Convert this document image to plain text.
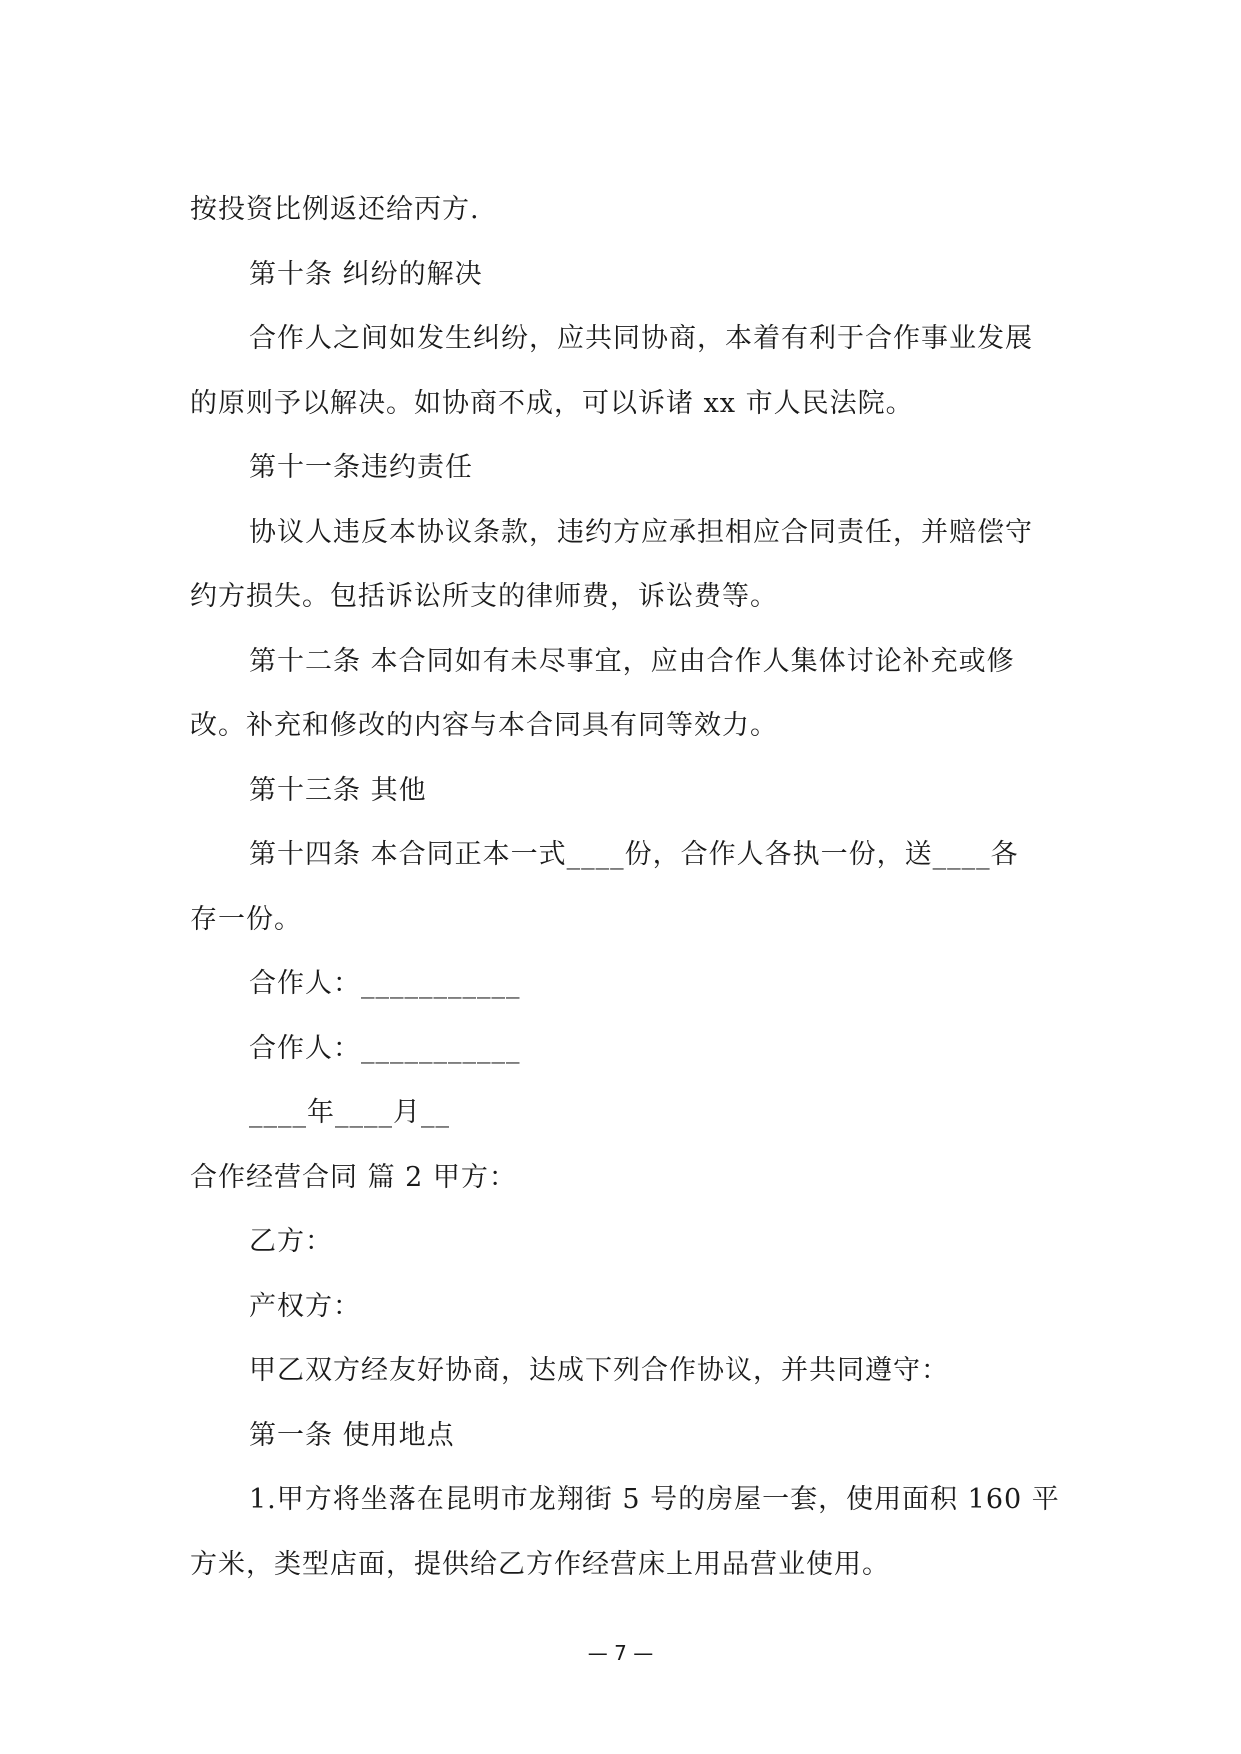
按投资比例返还给丙方.

第十条 纠纷的解决

合作人之间如发生纠纷，应共同协商，本着有利于合作事业发展

的原则予以解决。如协商不成，可以诉诸 xx 市人民法院。

第十一条违约责任

协议人违反本协议条款，违约方应承担相应合同责任，并赔偿守

约方损失。包括诉讼所支的律师费，诉讼费等。

第十二条 本合同如有未尽事宜，应由合作人集体讨论补充或修

改。补充和修改的内容与本合同具有同等效力。

第十三条 其他

第十四条 本合同正本一式____份，合作人各执一份，送____各

存一份。

合作人：___________

合作人：___________

____年____月__

合作经营合同 篇 2 甲方：

乙方：

产权方：

甲乙双方经友好协商，达成下列合作协议，并共同遵守：

第一条 使用地点

1.甲方将坐落在昆明市龙翔街 5 号的房屋一套，使用面积 160 平

方米，类型店面，提供给乙方作经营床上用品营业使用。

— 7 —
